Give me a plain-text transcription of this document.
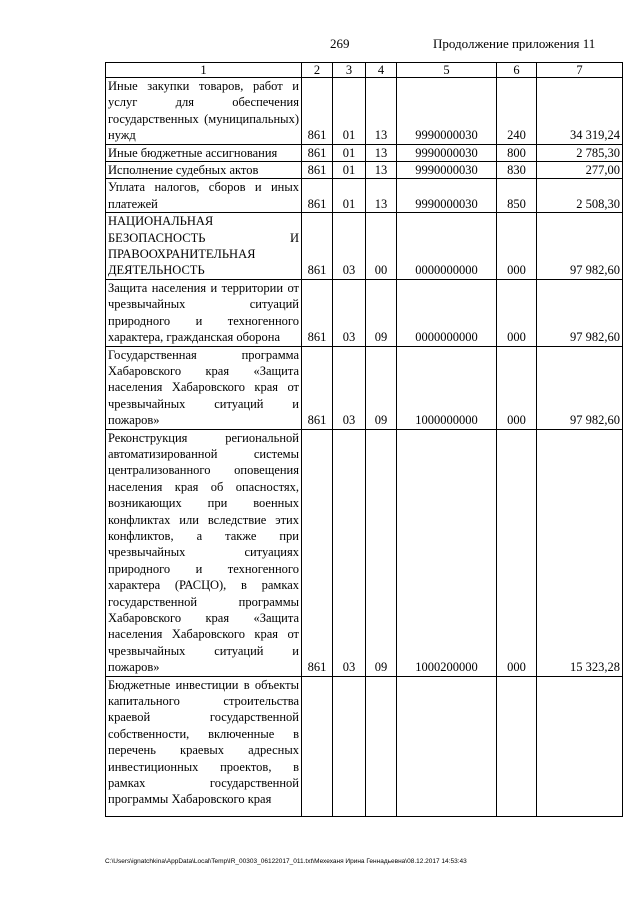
269	Продолжение приложения 11
1	2	3	4	5	6	7
Иные закупки товаров, работ и услуг для обеспечения государственных (муниципальных) нужд	861	01	13	9990000030	240	34 319,24
Иные бюджетные ассигнования	861	01	13	9990000030	800	2 785,30
Исполнение судебных актов	861	01	13	9990000030	830	277,00
Уплата налогов, сборов и иных платежей	861	01	13	9990000030	850	2 508,30
НАЦИОНАЛЬНАЯ БЕЗОПАСНОСТЬ И ПРАВООХРАНИТЕЛЬНАЯ ДЕЯТЕЛЬНОСТЬ	861	03	00	0000000000	000	97 982,60
Защита населения и территории от чрезвычайных ситуаций природного и техногенного характера, гражданская оборона	861	03	09	0000000000	000	97 982,60
Государственная программа Хабаровского края «Защита населения Хабаровского края от чрезвычайных ситуаций и пожаров»	861	03	09	1000000000	000	97 982,60
Реконструкция региональной автоматизированной системы централизованного оповещения населения края об опасностях, возникающих при военных конфликтах или вследствие этих конфликтов, а также при чрезвычайных ситуациях природного и техногенного характера (РАСЦО), в рамках государственной программы Хабаровского края «Защита населения Хабаровского края от чрезвычайных ситуаций и пожаров»	861	03	09	1000200000	000	15 323,28
Бюджетные инвестиции в объекты капитального строительства краевой государственной собственности, включенные в перечень краевых адресных инвестиционных проектов, в рамках государственной программы Хабаровского края						
C:\Users\ignatchkina\AppData\Local\Temp\IR_00303_06122017_011.txt\Мехеханя Ирина Геннадьевна\08.12.2017 14:53:43
